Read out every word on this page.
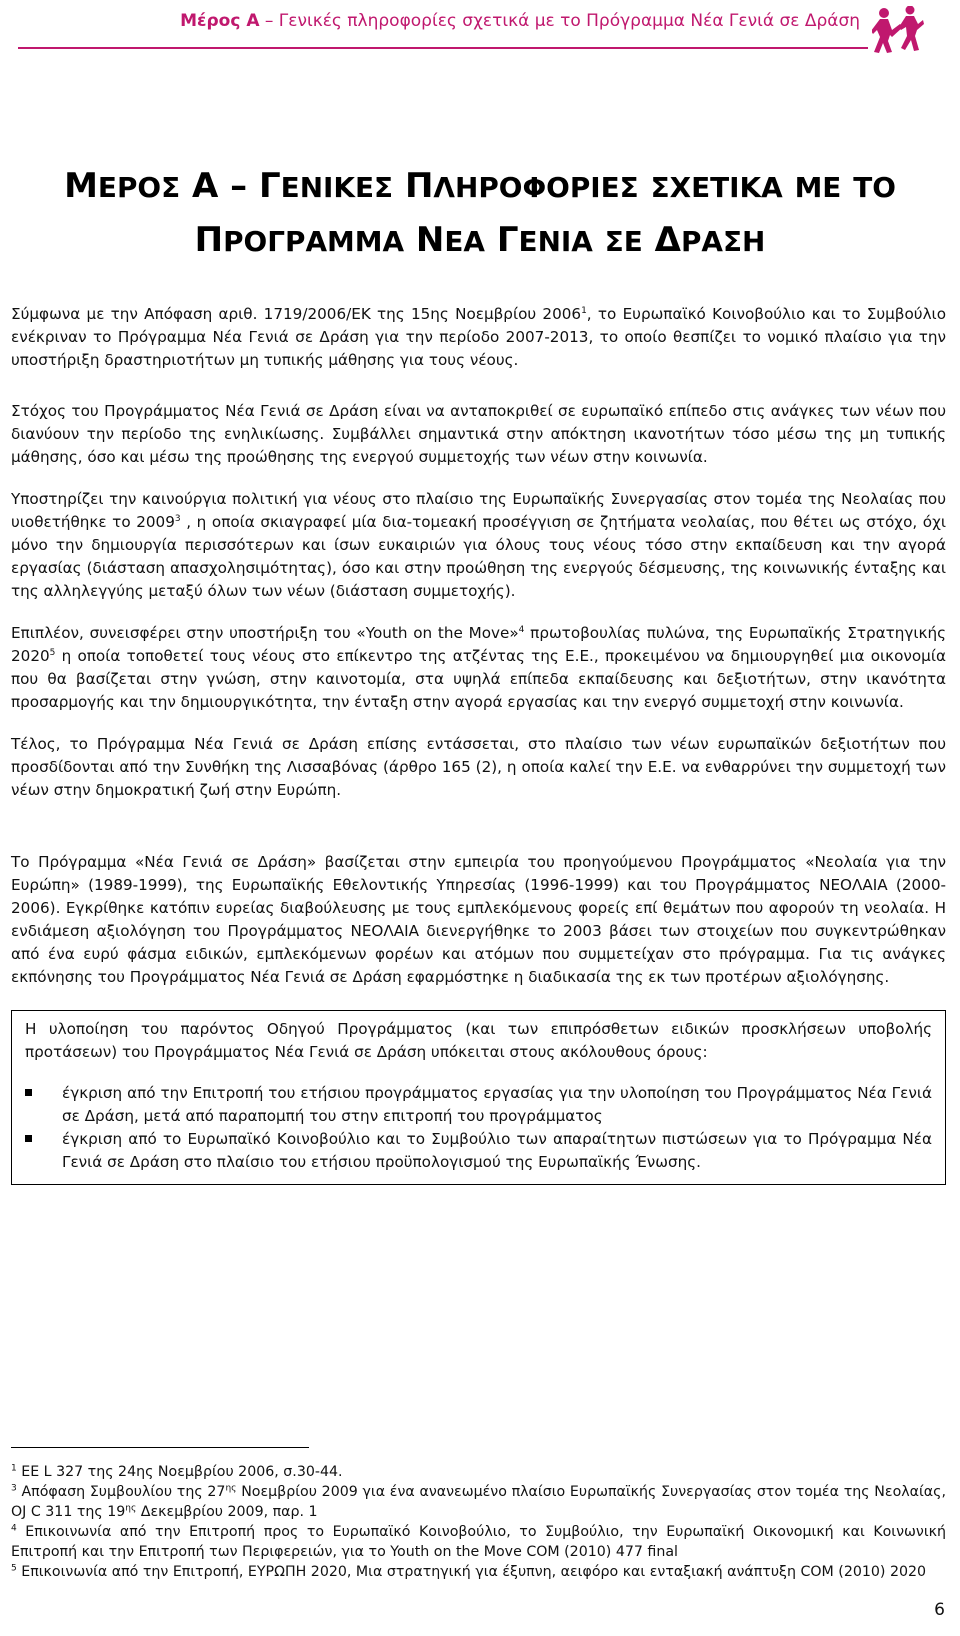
Μέρος Α – Γενικές πληροφορίες σχετικά με το Πρόγραμμα Νέα Γενιά σε Δράση
ΜΕΡΟΣ Α – ΓΕΝΙΚΕΣ ΠΛΗΡΟΦΟΡΙΕΣ ΣΧΕΤΙΚΑ ΜΕ ΤΟ
ΠΡΟΓΡΑΜΜΑ ΝΕΑ ΓΕΝΙΑ ΣΕ ΔΡΑΣΗ

Σύμφωνα με την Απόφαση αριθ. 1719/2006/ΕΚ της 15ης Νοεμβρίου 2006$^1$, το Ευρωπαϊκό Κοινοβούλιο και το Συμβούλιο ενέκριναν το Πρόγραμμα Νέα Γενιά σε Δράση για την περίοδο 2007-2013, το οποίο θεσπίζει το νομικό πλαίσιο για την υποστήριξη δραστηριοτήτων μη τυπικής μάθησης για τους νέους.

Στόχος του Προγράμματος Νέα Γενιά σε Δράση είναι να ανταποκριθεί σε ευρωπαϊκό επίπεδο στις ανάγκες των νέων που διανύουν την περίοδο της ενηλικίωσης. Συμβάλλει σημαντικά στην απόκτηση ικανοτήτων τόσο μέσω της μη τυπικής μάθησης, όσο και μέσω της προώθησης της ενεργού συμμετοχής των νέων στην κοινωνία.

Υποστηρίζει την καινούργια πολιτική για νέους στο πλαίσιο της Ευρωπαϊκής Συνεργασίας στον τομέα της Νεολαίας που υιοθετήθηκε το 2009$^3$ , η οποία σκιαγραφεί μία δια-τομεακή προσέγγιση σε ζητήματα νεολαίας, που θέτει ως στόχο, όχι μόνο την δημιουργία περισσότερων και ίσων ευκαιριών για όλους τους νέους τόσο στην εκπαίδευση και την αγορά εργασίας (διάσταση απασχολησιμότητας), όσο και στην προώθηση της ενεργούς δέσμευσης, της κοινωνικής ένταξης και της αλληλεγγύης μεταξύ όλων των νέων (διάσταση συμμετοχής).

Επιπλέον, συνεισφέρει στην υποστήριξη του «Youth on the Move»$^4$ πρωτοβουλίας πυλώνα, της Ευρωπαϊκής Στρατηγικής 2020$^5$ η οποία τοποθετεί τους νέους στο επίκεντρο της ατζέντας της Ε.Ε., προκειμένου να δημιουργηθεί μια οικονομία που θα βασίζεται στην γνώση, στην καινοτομία, στα υψηλά επίπεδα εκπαίδευσης και δεξιοτήτων, στην ικανότητα προσαρμογής και την δημιουργικότητα, την ένταξη στην αγορά εργασίας και την ενεργό συμμετοχή στην κοινωνία.

Τέλος, το Πρόγραμμα Νέα Γενιά σε Δράση επίσης εντάσσεται, στο πλαίσιο των νέων ευρωπαϊκών δεξιοτήτων που προσδίδονται από την Συνθήκη της Λισσαβόνας (άρθρο 165 (2), η οποία καλεί την Ε.Ε. να ενθαρρύνει την συμμετοχή των νέων στην δημοκρατική ζωή στην Ευρώπη.

Το Πρόγραμμα «Νέα Γενιά σε Δράση» βασίζεται στην εμπειρία του προηγούμενου Προγράμματος «Νεολαία για την Ευρώπη» (1989-1999), της Ευρωπαϊκής Εθελοντικής Υπηρεσίας (1996-1999) και του Προγράμματος ΝΕΟΛΑΙΑ (2000-2006). Εγκρίθηκε κατόπιν ευρείας διαβούλευσης με τους εμπλεκόμενους φορείς επί θεμάτων που αφορούν τη νεολαία. Η ενδιάμεση αξιολόγηση του Προγράμματος ΝΕΟΛΑΙΑ διενεργήθηκε το 2003 βάσει των στοιχείων που συγκεντρώθηκαν από ένα ευρύ φάσμα ειδικών, εμπλεκόμενων φορέων και ατόμων που συμμετείχαν στο πρόγραμμα. Για τις ανάγκες εκπόνησης του Προγράμματος Νέα Γενιά σε Δράση εφαρμόστηκε η διαδικασία της εκ των προτέρων αξιολόγησης.

Η υλοποίηση του παρόντος Οδηγού Προγράμματος (και των επιπρόσθετων ειδικών προσκλήσεων υποβολής προτάσεων) του Προγράμματος Νέα Γενιά σε Δράση υπόκειται στους ακόλουθους όρους:

έγκριση από την Επιτροπή του ετήσιου προγράμματος εργασίας για την υλοποίηση του Προγράμματος Νέα Γενιά σε Δράση, μετά από παραπομπή του στην επιτροπή του προγράμματος
έγκριση από το Ευρωπαϊκό Κοινοβούλιο και το Συμβούλιο των απαραίτητων πιστώσεων για το Πρόγραμμα Νέα Γενιά σε Δράση στο πλαίσιο του ετήσιου προϋπολογισμού της Ευρωπαϊκής Ένωσης.
$^1$ ΕΕ L 327 της 24ης Νοεμβρίου 2006, σ.30-44.
$^3$ Απόφαση Συμβουλίου της $27^{\eta\varsigma}$ Νοεμβρίου 2009 για ένα ανανεωμένο πλαίσιο Ευρωπαϊκής Συνεργασίας στον τομέα της Νεολαίας, ΟJ C 311 της $19^{\eta\varsigma}$ Δεκεμβρίου 2009, παρ. 1
$^4$ Επικοινωνία από την Επιτροπή προς το Ευρωπαϊκό Κοινοβούλιο, το Συμβούλιο, την Ευρωπαϊκή Οικονομική και Κοινωνική Επιτροπή και την Επιτροπή των Περιφερειών, για το Youth on the Move COM (2010) 477 final
$^5$ Επικοινωνία από την Επιτροπή, ΕΥΡΩΠΗ 2020, Μια στρατηγική για έξυπνη, αειφόρο και ενταξιακή ανάπτυξη COM (2010) 2020
6
